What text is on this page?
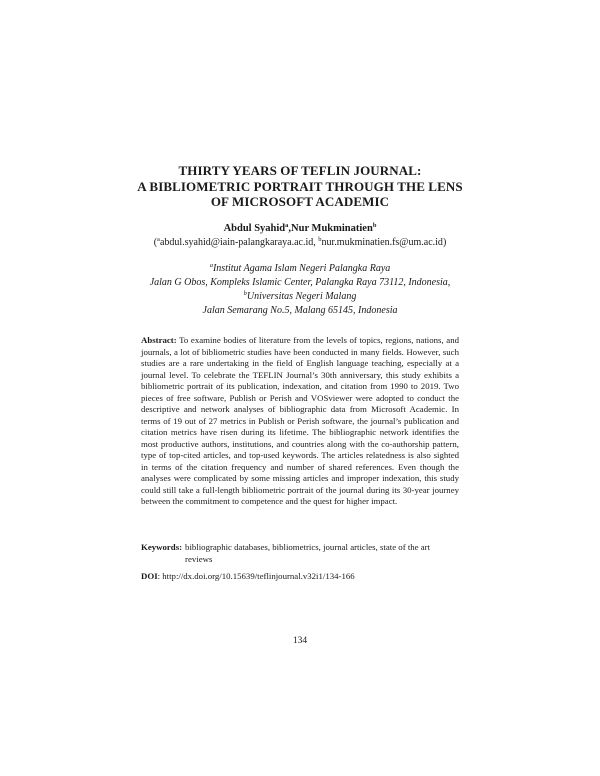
THIRTY YEARS OF TEFLIN JOURNAL:
A BIBLIOMETRIC PORTRAIT THROUGH THE LENS
OF MICROSOFT ACADEMIC
Abdul Syahid$^a$,Nur Mukminatien$^b$
($^a$abdul.syahid@iain-palangkaraya.ac.id, $^b$nur.mukminatien.fs@um.ac.id)
$^a$Institut Agama Islam Negeri Palangka Raya
Jalan G Obos, Kompleks Islamic Center, Palangka Raya 73112, Indonesia,
$^b$Universitas Negeri Malang
Jalan Semarang No.5, Malang 65145, Indonesia
Abstract: To examine bodies of literature from the levels of topics, regions, nations, and journals, a lot of bibliometric studies have been conducted in many fields. However, such studies are a rare undertaking in the field of English language teaching, especially at a journal level. To celebrate the TEFLIN Journal’s 30th anniversary, this study exhibits a bibliometric portrait of its publication, indexation, and citation from 1990 to 2019. Two pieces of free software, Publish or Perish and VOSviewer were adopted to conduct the descriptive and network analyses of bibliographic data from Microsoft Academic. In terms of 19 out of 27 metrics in Publish or Perish software, the journal’s publication and citation metrics have risen during its lifetime. The bibliographic network identifies the most productive authors, institutions, and countries along with the co-authorship pattern, type of top-cited articles, and top-used keywords. The articles relatedness is also sighted in terms of the citation frequency and number of shared references. Even though the analyses were complicated by some missing articles and improper indexation, this study could still take a full-length bibliometric portrait of the journal during its 30-year journey between the commitment to competence and the quest for higher impact.
Keywords: bibliographic databases, bibliometrics, journal articles, state of the art reviews
DOI: http://dx.doi.org/10.15639/teflinjournal.v32i1/134-166
134
